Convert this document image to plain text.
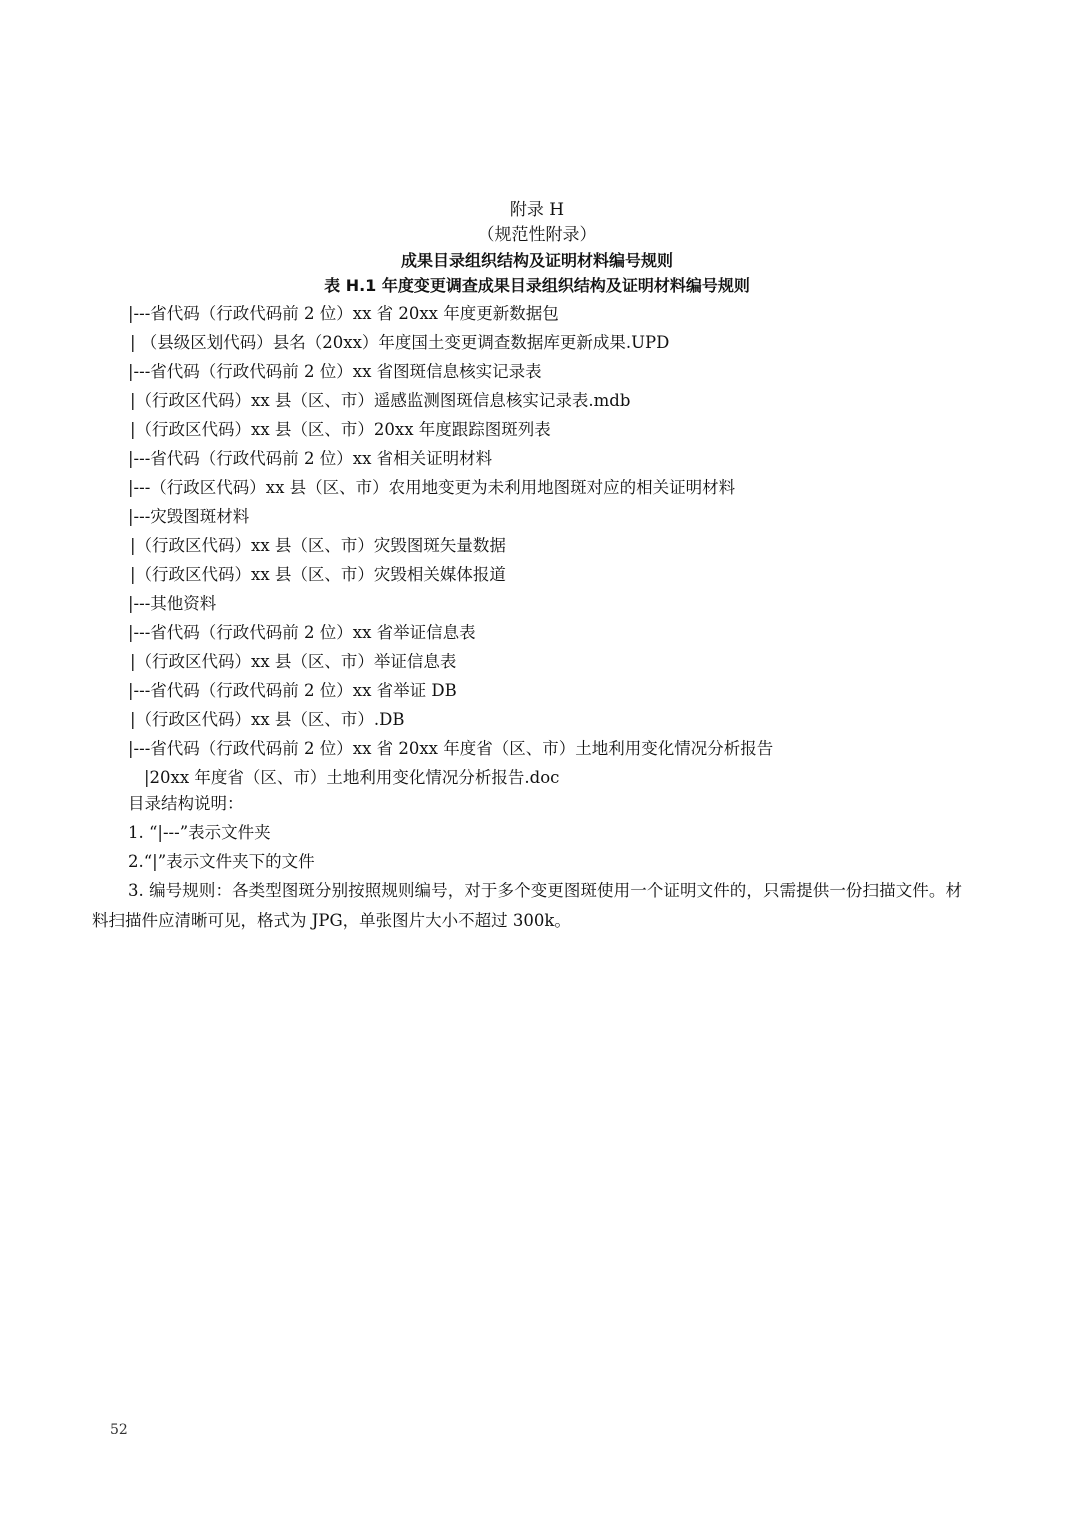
附录 H
（规范性附录）
成果目录组织结构及证明材料编号规则
表 H.1 年度变更调查成果目录组织结构及证明材料编号规则
|---省代码（行政代码前 2 位）xx 省 20xx 年度更新数据包
| （县级区划代码）县名（20xx）年度国土变更调查数据库更新成果.UPD
|---省代码（行政代码前 2 位）xx 省图斑信息核实记录表
|（行政区代码）xx 县（区、市）遥感监测图斑信息核实记录表.mdb
|（行政区代码）xx 县（区、市）20xx 年度跟踪图斑列表
|---省代码（行政代码前 2 位）xx 省相关证明材料
|---（行政区代码）xx 县（区、市）农用地变更为未利用地图斑对应的相关证明材料
|---灾毁图斑材料
|（行政区代码）xx 县（区、市）灾毁图斑矢量数据
|（行政区代码）xx 县（区、市）灾毁相关媒体报道
|---其他资料
|---省代码（行政代码前 2 位）xx 省举证信息表
|（行政区代码）xx 县（区、市）举证信息表
|---省代码（行政代码前 2 位）xx 省举证 DB
|（行政区代码）xx 县（区、市）.DB
|---省代码（行政代码前 2 位）xx 省 20xx 年度省（区、市）土地利用变化情况分析报告
|20xx 年度省（区、市）土地利用变化情况分析报告.doc
目录结构说明：
1. “|---”表示文件夹
2.“|”表示文件夹下的文件
3. 编号规则：各类型图斑分别按照规则编号，对于多个变更图斑使用一个证明文件的，只需提供一份扫描文件。材料扫描件应清晰可见，格式为 JPG，单张图片大小不超过 300k。
52
